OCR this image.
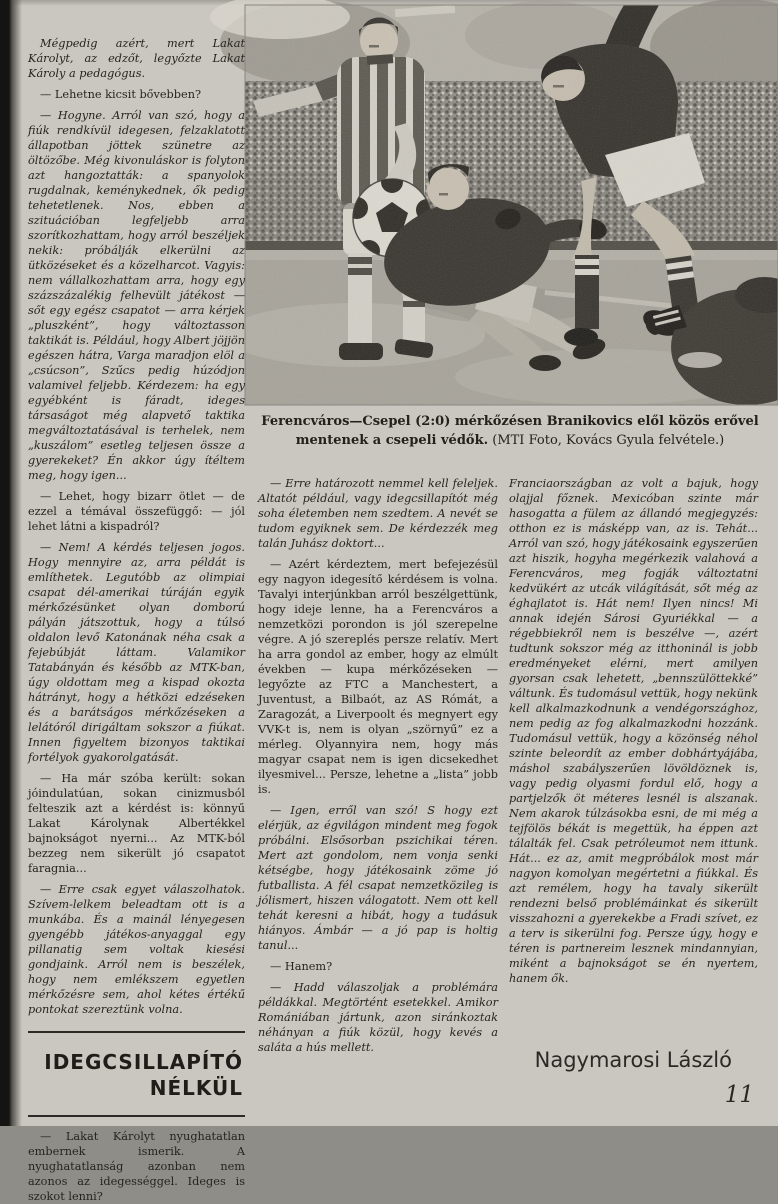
Ferencváros—Csepel (2:0) mérkőzésen Branikovics elől közös erővel mentenek a csepeli védők. (MTI Foto, Kovács Gyula felvétele.)

Mégpedig azért, mert Lakat Károlyt, az edzőt, legyőzte Lakat Károly a pedagógus.

— Lehetne kicsit bővebben?

— Hogyne. Arról van szó, hogy a fiúk rendkívül idegesen, felzaklatott állapotban jöttek szünetre az öltözőbe. Még kivonuláskor is folyton azt hangoztatták: a spanyolok rugdalnak, keménykednek, ők pedig tehetetlenek. Nos, ebben a szituációban legfeljebb arra szorítkozhattam, hogy arról beszéljek nekik: próbálják elkerülni az ütközéseket és a közelharcot. Vagyis: nem vállalkozhattam arra, hogy egy százszázalékig felhevült játékost — sőt egy egész csapatot — arra kérjek „pluszként”, hogy változtasson taktikát is. Például, hogy Albert jöjjön egészen hátra, Varga maradjon elöl a „csúcson”, Szűcs pedig húzódjon valamivel feljebb. Kérdezem: ha egy egyébként is fáradt, ideges társaságot még alapvető taktika megváltoztatásával is terhelek, nem „kuszálom” esetleg teljesen össze a gyerekeket? Én akkor úgy ítéltem meg, hogy igen...

— Lehet, hogy bizarr ötlet — de ezzel a témával összefüggő: — jól lehet látni a kispadról?

— Nem! A kérdés teljesen jogos. Hogy mennyire az, arra példát is említhetek. Legutóbb az olimpiai csapat dél-amerikai túráján egyik mérkőzésünket olyan domború pályán játszottuk, hogy a túlsó oldalon levő Katonának néha csak a fejebúbját láttam. Valamikor Tatabányán és később az MTK-ban, úgy oldottam meg a kispad okozta hátrányt, hogy a hétközi edzéseken és a barátságos mérkőzéseken a lelátóról dirigáltam sokszor a fiúkat. Innen figyeltem bizonyos taktikai fortélyok gyakorolgatását.

— Ha már szóba került: sokan jóindulatúan, sokan cinizmusból felteszik azt a kérdést is: könnyű Lakat Károlynak Albertékkel bajnokságot nyerni... Az MTK-ból bezzeg nem sikerült jó csapatot faragnia...

— Erre csak egyet válaszolhatok. Szívem-lelkem beleadtam ott is a munkába. És a mainál lényegesen gyengébb játékos-anyaggal egy pillanatig sem voltak kiesési gondjaink. Arról nem is beszélek, hogy nem emlékszem egyetlen mérkőzésre sem, ahol kétes értékű pontokat szereztünk volna.

IDEGCSILLAPÍTÓ
NÉLKÜL

— Lakat Károlyt nyughatatlan embernek ismerik. A nyughatatlanság azonban nem azonos az idegességgel. Ideges is szokot lenni?

— Erre határozott nemmel kell feleljek. Altatót például, vagy idegcsillapítót még soha életemben nem szedtem. A nevét se tudom egyiknek sem. De kérdezzék meg talán Juhász doktort...

— Azért kérdeztem, mert befejezésül egy nagyon idegesítő kérdésem is volna. Tavalyi interjúnkban arról beszélgettünk, hogy ideje lenne, ha a Ferencváros a nemzetközi porondon is jól szerepelne végre. A jó szereplés persze relatív. Mert ha arra gondol az ember, hogy az elmúlt években — kupa mérkőzéseken — legyőzte az FTC a Manchestert, a Juventust, a Bilbaót, az AS Rómát, a Zaragozát, a Liverpoolt és megnyert egy VVK-t is, nem is olyan „szörnyű” ez a mérleg. Olyannyira nem, hogy más magyar csapat nem is igen dicsekedhet ilyesmivel... Persze, lehetne a „lista” jobb is.

— Igen, erről van szó! S hogy ezt elérjük, az égvilágon mindent meg fogok próbálni. Elsősorban pszichikai téren. Mert azt gondolom, nem vonja senki kétségbe, hogy játékosaink zöme jó futballista. A fél csapat nemzetközileg is jólismert, hiszen válogatott. Nem ott kell tehát keresni a hibát, hogy a tudásuk hiányos. Ámbár — a jó pap is holtig tanul...

— Hanem?

— Hadd válaszoljak a problémára példákkal. Megtörtént esetekkel. Amikor Romániában jártunk, azon siránkoztak néhányan a fiúk közül, hogy kevés a saláta a hús mellett.

Franciaországban az volt a bajuk, hogy olajjal főznek. Mexicóban szinte már hasogatta a fülem az állandó megjegyzés: otthon ez is másképp van, az is. Tehát... Arról van szó, hogy játékosaink egyszerűen azt hiszik, hogyha megérkezik valahová a Ferencváros, meg fogják változtatni kedvükért az utcák világítását, sőt még az éghajlatot is. Hát nem! Ilyen nincs! Mi annak idején Sárosi Gyuriékkal — a régebbiekről nem is beszélve —, azért tudtunk sokszor még az itthoninál is jobb eredményeket elérni, mert amilyen gyorsan csak lehetett, „bennszülöttekké” váltunk. És tudomásul vettük, hogy nekünk kell alkalmazkodnunk a vendégországhoz, nem pedig az fog alkalmazkodni hozzánk. Tudomásul vettük, hogy a közönség néhol szinte beleordít az ember dobhártyájába, máshol szabályszerűen lövöldöznek is, vagy pedig olyasmi fordul elő, hogy a partjelzők öt méteres lesnél is alszanak. Nem akarok túlzásokba esni, de mi még a tejfölös békát is megettük, ha éppen azt tálalták fel. Csak petróleumot nem ittunk. Hát... ez az, amit megpróbálok most már nagyon komolyan megértetni a fiúkkal. És azt remélem, hogy ha tavaly sikerült rendezni belső problémáinkat és sikerült visszahozni a gyerekekbe a Fradi szívet, ez a terv is sikerülni fog. Persze úgy, hogy e téren is partnereim lesznek mindannyian, miként a bajnokságot se én nyertem, hanem ők.

Nagymarosi László
11
